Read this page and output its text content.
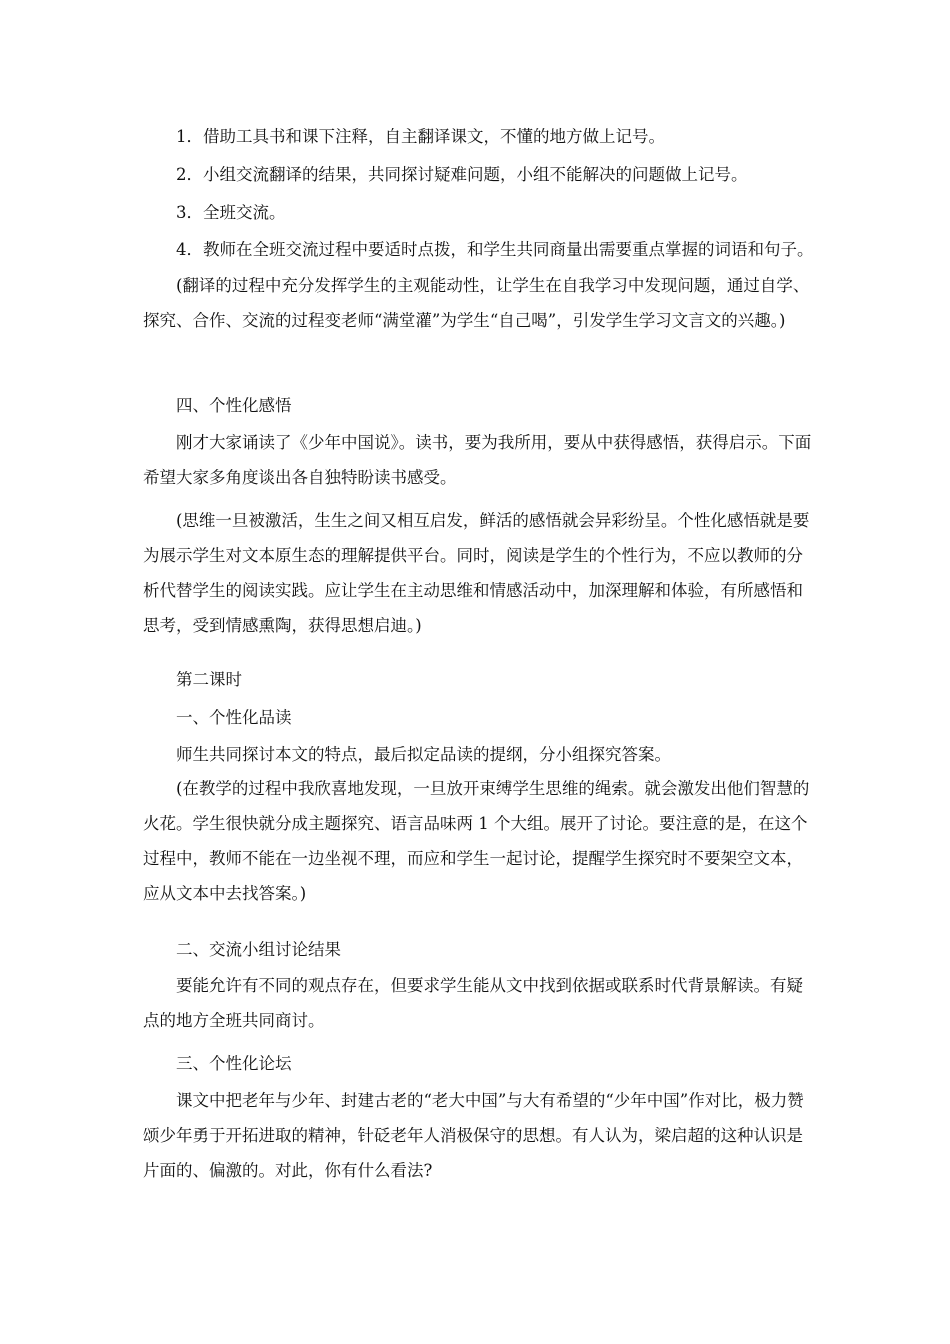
1．借助工具书和课下注释，自主翻译课文，不懂的地方做上记号。

2．小组交流翻译的结果，共同探讨疑难问题，小组不能解决的问题做上记号。

3．全班交流。

4．教师在全班交流过程中要适时点拨，和学生共同商量出需要重点掌握的词语和句子。

(翻译的过程中充分发挥学生的主观能动性，让学生在自我学习中发现问题，通过自学、探究、合作、交流的过程变老师“满堂灌”为学生“自己喝”，引发学生学习文言文的兴趣。)

四、个性化感悟

刚才大家诵读了《少年中国说》。读书，要为我所用，要从中获得感悟，获得启示。下面希望大家多角度谈出各自独特盼读书感受。

(思维一旦被激活，生生之间又相互启发，鲜活的感悟就会异彩纷呈。个性化感悟就是要为展示学生对文本原生态的理解提供平台。同时，阅读是学生的个性行为，不应以教师的分析代替学生的阅读实践。应让学生在主动思维和情感活动中，加深理解和体验，有所感悟和思考，受到情感熏陶，获得思想启迪。)

第二课时

一、个性化品读

师生共同探讨本文的特点，最后拟定品读的提纲，分小组探究答案。

(在教学的过程中我欣喜地发现，一旦放开束缚学生思维的绳索。就会激发出他们智慧的火花。学生很快就分成主题探究、语言品味两 1 个大组。展开了讨论。要注意的是，在这个过程中，教师不能在一边坐视不理，而应和学生一起讨论，提醒学生探究时不要架空文本，应从文本中去找答案。)

二、交流小组讨论结果

要能允许有不同的观点存在，但要求学生能从文中找到依据或联系时代背景解读。有疑点的地方全班共同商讨。

三、个性化论坛

课文中把老年与少年、封建古老的“老大中国”与大有希望的“少年中国”作对比，极力赞颂少年勇于开拓进取的精神，针砭老年人消极保守的思想。有人认为，梁启超的这种认识是片面的、偏激的。对此，你有什么看法?
